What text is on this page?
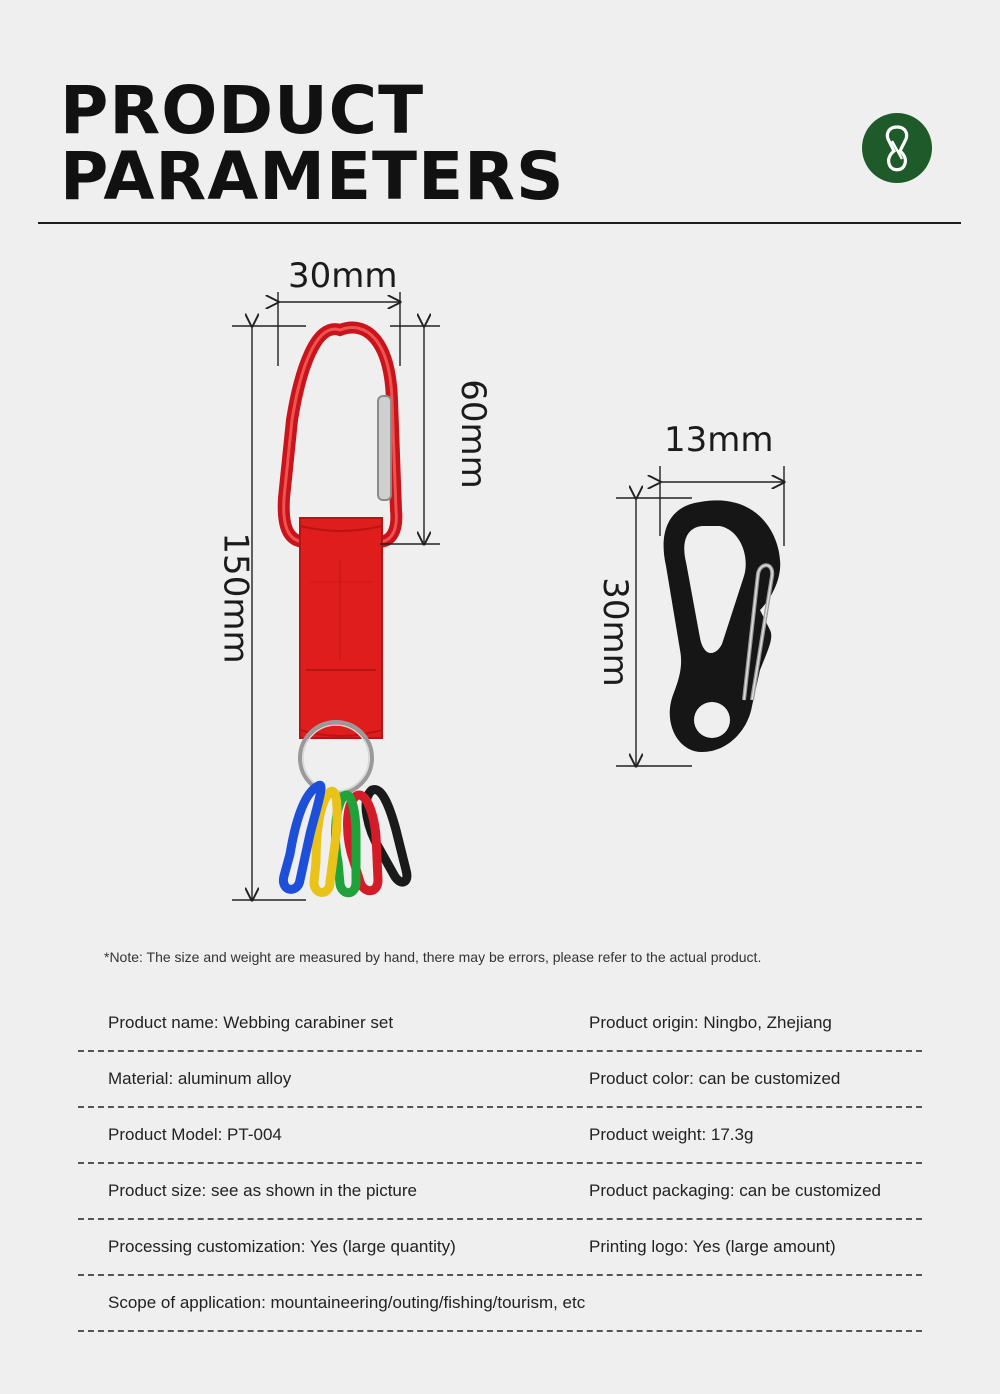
PRODUCT
PARAMETERS
30mm
60mm
150mm
13mm
30mm
*Note: The size and weight are measured by hand, there may be errors, please refer to the actual product.
Product name: Webbing carabiner set	Product origin: Ningbo, Zhejiang
Material: aluminum alloy	Product color: can be customized
Product Model: PT-004	Product weight: 17.3g
Product size: see as shown in the picture	Product packaging: can be customized
Processing customization: Yes (large quantity)	Printing logo: Yes (large amount)
Scope of application: mountaineering/outing/fishing/tourism, etc
